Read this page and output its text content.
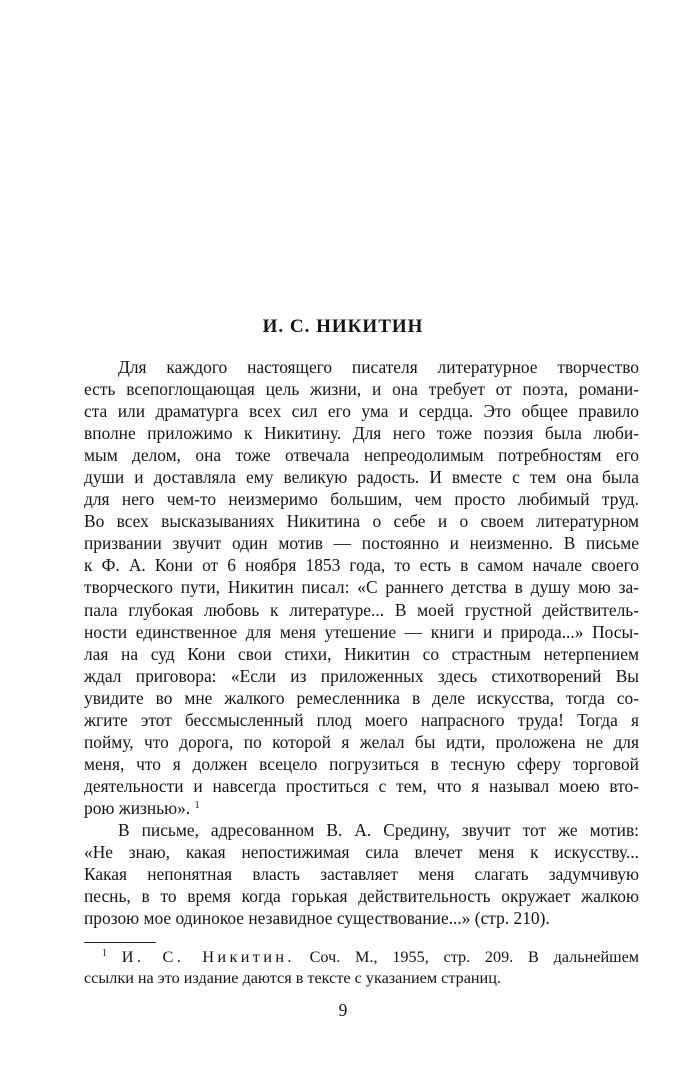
И. С. НИКИТИН
Для каждого настоящего писателя литературное творчество
есть всепоглощающая цель жизни, и она требует от поэта, романи-
ста или драматурга всех сил его ума и сердца. Это общее правило
вполне приложимо к Никитину. Для него тоже поэзия была люби-
мым делом, она тоже отвечала непреодолимым потребностям его
души и доставляла ему великую радость. И вместе с тем она была
для него чем-то неизмеримо большим, чем просто любимый труд.
Во всех высказываниях Никитина о себе и о своем литературном
призвании звучит один мотив — постоянно и неизменно. В письме
к Ф. А. Кони от 6 ноября 1853 года, то есть в самом начале своего
творческого пути, Никитин писал: «С раннего детства в душу мою за-
пала глубокая любовь к литературе... В моей грустной действитель-
ности единственное для меня утешение — книги и природа...» Посы-
лая на суд Кони свои стихи, Никитин со страстным нетерпением
ждал приговора: «Если из приложенных здесь стихотворений Вы
увидите во мне жалкого ремесленника в деле искусства, тогда со-
жгите этот бессмысленный плод моего напрасного труда! Тогда я
пойму, что дорога, по которой я желал бы идти, проложена не для
меня, что я должен всецело погрузиться в тесную сферу торговой
деятельности и навсегда проститься с тем, что я называл моею вто-
рою жизнью». $^1$
В письме, адресованном В. А. Средину, звучит тот же мотив:
«Не знаю, какая непостижимая сила влечет меня к искусству...
Какая непонятная власть заставляет меня слагать задумчивую
песнь, в то время когда горькая действительность окружает жалкою
прозою мое одинокое незавидное существование...» (стр. 210).
$^1$ И. С. Никитин. Соч. М., 1955, стр. 209. В дальнейшем
ссылки на это издание даются в тексте с указанием страниц.
9
